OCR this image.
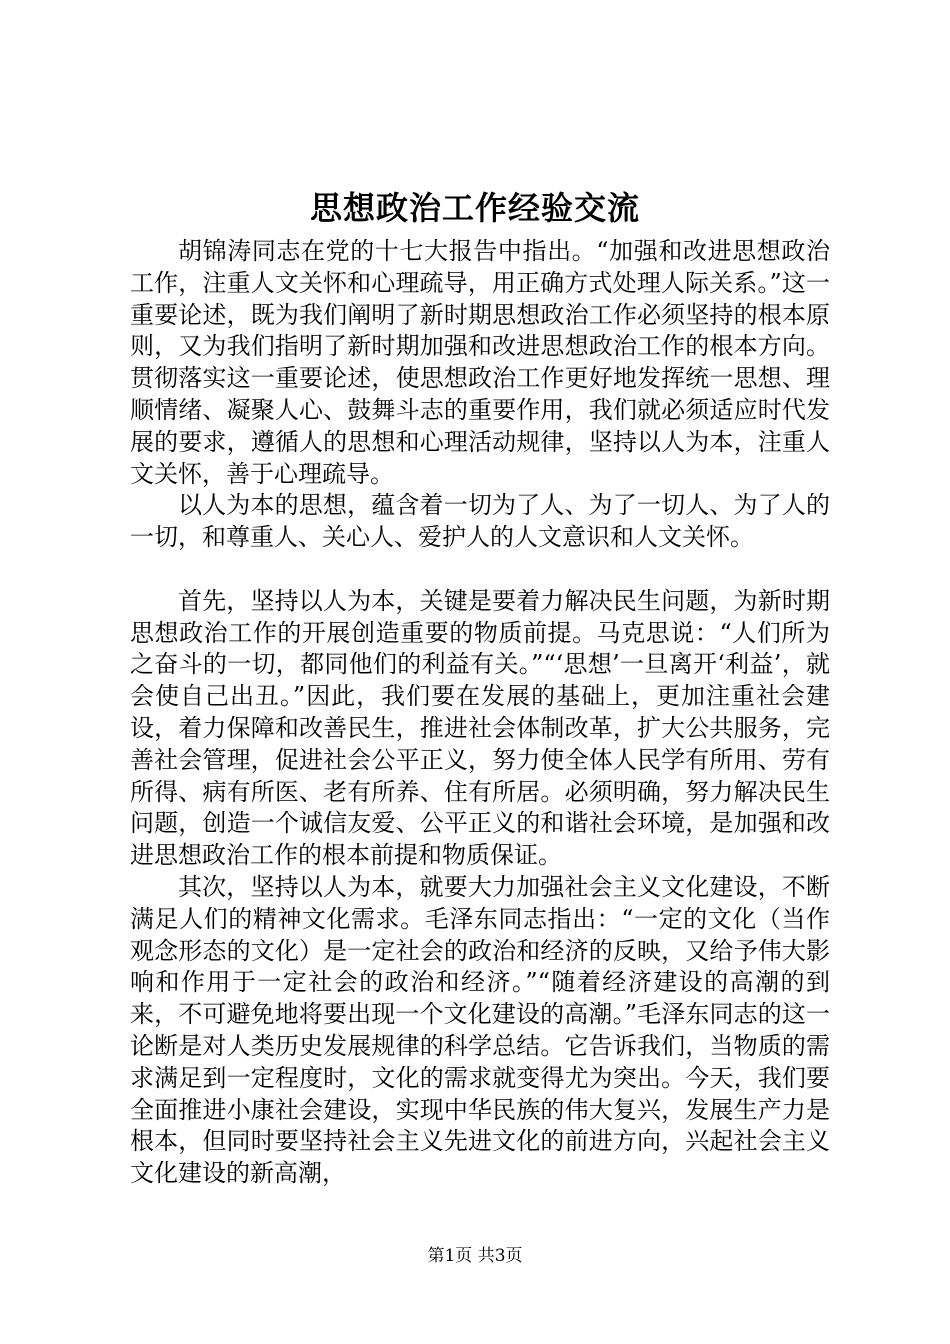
思想政治工作经验交流

胡锦涛同志在党的十七大报告中指出。“加强和改进思想政治工作，注重人文关怀和心理疏导，用正确方式处理人际关系。”这一重要论述，既为我们阐明了新时期思想政治工作必须坚持的根本原则，又为我们指明了新时期加强和改进思想政治工作的根本方向。贯彻落实这一重要论述，使思想政治工作更好地发挥统一思想、理顺情绪、凝聚人心、鼓舞斗志的重要作用，我们就必须适应时代发展的要求，遵循人的思想和心理活动规律，坚持以人为本，注重人文关怀，善于心理疏导。

以人为本的思想，蕴含着一切为了人、为了一切人、为了人的一切，和尊重人、关心人、爱护人的人文意识和人文关怀。

首先，坚持以人为本，关键是要着力解决民生问题，为新时期思想政治工作的开展创造重要的物质前提。马克思说：“人们所为之奋斗的一切，都同他们的利益有关。”“‘思想’一旦离开‘利益’，就会使自己出丑。”因此，我们要在发展的基础上，更加注重社会建设，着力保障和改善民生，推进社会体制改革，扩大公共服务，完善社会管理，促进社会公平正义，努力使全体人民学有所用、劳有所得、病有所医、老有所养、住有所居。必须明确，努力解决民生问题，创造一个诚信友爱、公平正义的和谐社会环境，是加强和改进思想政治工作的根本前提和物质保证。

其次，坚持以人为本，就要大力加强社会主义文化建设，不断满足人们的精神文化需求。毛泽东同志指出：“一定的文化（当作观念形态的文化）是一定社会的政治和经济的反映，又给予伟大影响和作用于一定社会的政治和经济。”“随着经济建设的高潮的到来，不可避免地将要出现一个文化建设的高潮。”毛泽东同志的这一论断是对人类历史发展规律的科学总结。它告诉我们，当物质的需求满足到一定程度时，文化的需求就变得尤为突出。今天，我们要全面推进小康社会建设，实现中华民族的伟大复兴，发展生产力是根本，但同时要坚持社会主义先进文化的前进方向，兴起社会主义文化建设的新高潮，

第1页 共3页
